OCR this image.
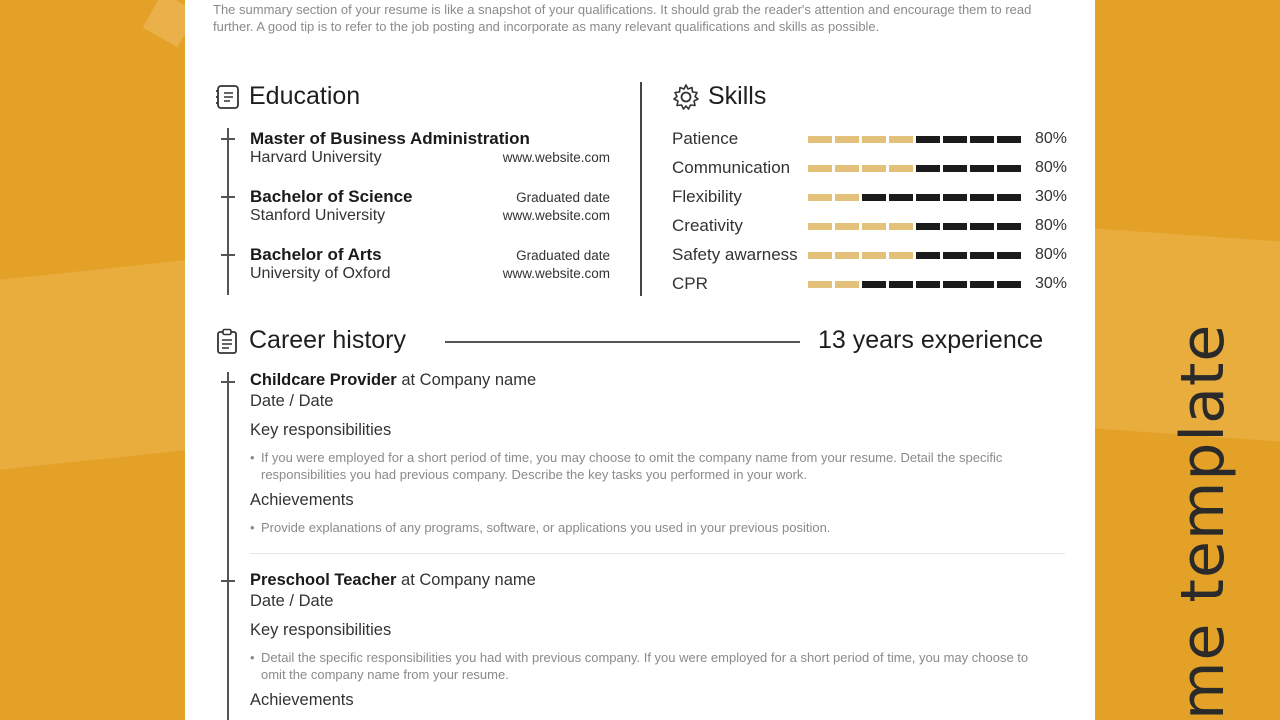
me template
The summary section of your resume is like a snapshot of your qualifications. It should grab the reader's attention and encourage them to read further. A good tip is to refer to the job posting and incorporate as many relevant qualifications and skills as possible.
Education
Master of Business Administration
Harvard University	www.website.com
Bachelor of Science	Graduated date
Stanford University	www.website.com
Bachelor of Arts	Graduated date
University of Oxford	www.website.com
Skills
Patience	80%
Communication	80%
Flexibility	30%
Creativity	80%
Safety awarness	80%
CPR	30%
Career history	13 years experience
Childcare Provider at Company name
Date / Date
Key responsibilities
• If you were employed for a short period of time, you may choose to omit the company name from your resume. Detail the specific responsibilities you had previous company. Describe the key tasks you performed in your work.
Achievements
• Provide explanations of any programs, software, or applications you used in your previous position.
Preschool Teacher at Company name
Date / Date
Key responsibilities
• Detail the specific responsibilities you had with previous company. If you were employed for a short period of time, you may choose to omit the company name from your resume.
Achievements
